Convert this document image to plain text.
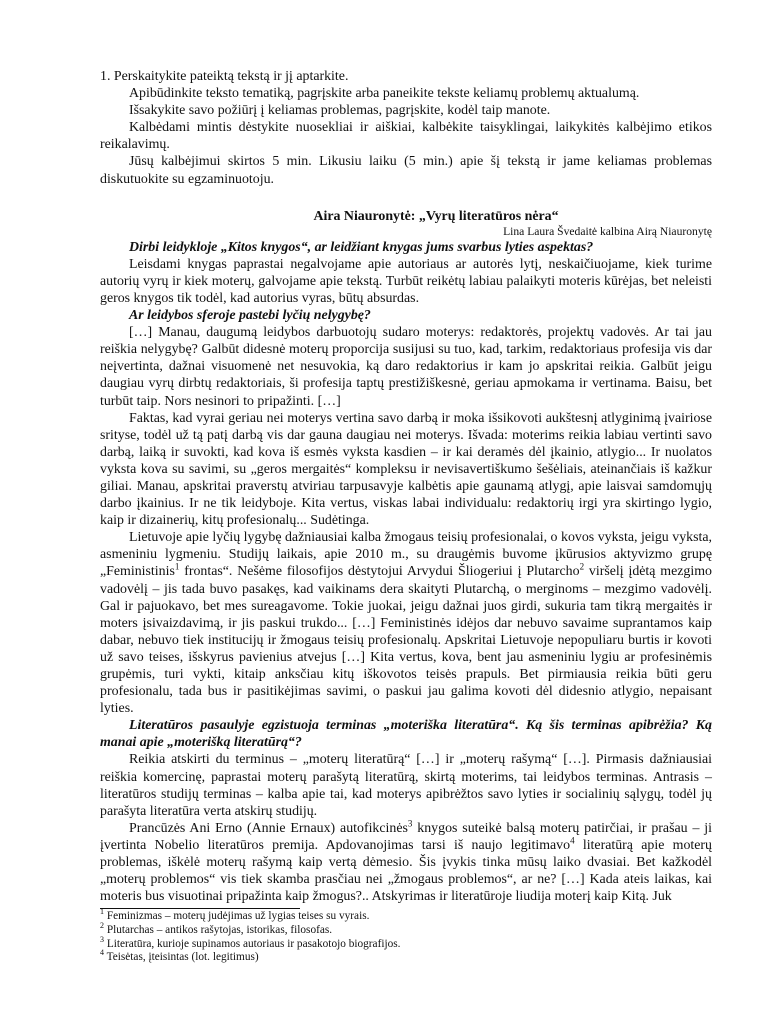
1. Perskaitykite pateiktą tekstą ir jį aptarkite.

Apibūdinkite teksto tematiką, pagrįskite arba paneikite tekste keliamų problemų aktualumą.

Išsakykite savo požiūrį į keliamas problemas, pagrįskite, kodėl taip manote.

Kalbėdami mintis dėstykite nuosekliai ir aiškiai, kalbėkite taisyklingai, laikykitės kalbėjimo etikos reikalavimų.

Jūsų kalbėjimui skirtos 5 min. Likusiu laiku (5 min.) apie šį tekstą ir jame keliamas problemas diskutuokite su egzaminuotoju.

Aira Niauronytė: „Vyrų literatūros nėra“
Lina Laura Švedaitė kalbina Airą Niauronytę

Dirbi leidykloje „Kitos knygos“, ar leidžiant knygas jums svarbus lyties aspektas?

Leisdami knygas paprastai negalvojame apie autoriaus ar autorės lytį, neskaičiuojame, kiek turime autorių vyrų ir kiek moterų, galvojame apie tekstą. Turbūt reikėtų labiau palaikyti moteris kūrėjas, bet neleisti geros knygos tik todėl, kad autorius vyras, būtų absurdas.

Ar leidybos sferoje pastebi lyčių nelygybę?

[…] Manau, daugumą leidybos darbuotojų sudaro moterys: redaktorės, projektų vadovės. Ar tai jau reiškia nelygybę? Galbūt didesnė moterų proporcija susijusi su tuo, kad, tarkim, redaktoriaus profesija vis dar neįvertinta, dažnai visuomenė net nesuvokia, ką daro redaktorius ir kam jo apskritai reikia. Galbūt jeigu daugiau vyrų dirbtų redaktoriais, ši profesija taptų prestižiškesnė, geriau apmokama ir vertinama. Baisu, bet turbūt taip. Nors nesinori to pripažinti. […]

Faktas, kad vyrai geriau nei moterys vertina savo darbą ir moka išsikovoti aukštesnį atlyginimą įvairiose srityse, todėl už tą patį darbą vis dar gauna daugiau nei moterys. Išvada: moterims reikia labiau vertinti savo darbą, laiką ir suvokti, kad kova iš esmės vyksta kasdien – ir kai deramės dėl įkainio, atlygio... Ir nuolatos vyksta kova su savimi, su „geros mergaitės“ kompleksu ir nevisavertiškumo šešėliais, ateinančiais iš kažkur giliai. Manau, apskritai praverstų atviriau tarpusavyje kalbėtis apie gaunamą atlygį, apie laisvai samdomųjų darbo įkainius. Ir ne tik leidyboje. Kita vertus, viskas labai individualu: redaktorių irgi yra skirtingo lygio, kaip ir dizainerių, kitų profesionalų... Sudėtinga.

Lietuvoje apie lyčių lygybę dažniausiai kalba žmogaus teisių profesionalai, o kovos vyksta, jeigu vyksta, asmeniniu lygmeniu. Studijų laikais, apie 2010 m., su draugėmis buvome įkūrusios aktyvizmo grupę „Feministinis$^1$ frontas“. Nešėme filosofijos dėstytojui Arvydui Šliogeriui į Plutarcho$^2$ viršelį įdėtą mezgimo vadovėlį – jis tada buvo pasakęs, kad vaikinams dera skaityti Plutarchą, o merginoms – mezgimo vadovėlį. Gal ir pajuokavo, bet mes sureagavome. Tokie juokai, jeigu dažnai juos girdi, sukuria tam tikrą mergaitės ir moters įsivaizdavimą, ir jis paskui trukdo... […] Feministinės idėjos dar nebuvo savaime suprantamos kaip dabar, nebuvo tiek institucijų ir žmogaus teisių profesionalų. Apskritai Lietuvoje nepopuliaru burtis ir kovoti už savo teises, išskyrus pavienius atvejus […] Kita vertus, kova, bent jau asmeniniu lygiu ar profesinėmis grupėmis, turi vykti, kitaip anksčiau kitų iškovotos teisės prapuls. Bet pirmiausia reikia būti geru profesionalu, tada bus ir pasitikėjimas savimi, o paskui jau galima kovoti dėl didesnio atlygio, nepaisant lyties.

Literatūros pasaulyje egzistuoja terminas „moteriška literatūra“. Ką šis terminas apibrėžia? Ką manai apie „moterišką literatūrą“?

Reikia atskirti du terminus – „moterų literatūrą“ […] ir „moterų rašymą“ […]. Pirmasis dažniausiai reiškia komercinę, paprastai moterų parašytą literatūrą, skirtą moterims, tai leidybos terminas. Antrasis – literatūros studijų terminas – kalba apie tai, kad moterys apibrėžtos savo lyties ir socialinių sąlygų, todėl jų parašyta literatūra verta atskirų studijų.

Prancūzės Ani Erno (Annie Ernaux) autofikcinės$^3$ knygos suteikė balsą moterų patirčiai, ir prašau – ji įvertinta Nobelio literatūros premija. Apdovanojimas tarsi iš naujo legitimavo$^4$ literatūrą apie moterų problemas, iškėlė moterų rašymą kaip vertą dėmesio. Šis įvykis tinka mūsų laiko dvasiai. Bet kažkodėl „moterų problemos“ vis tiek skamba prasčiau nei „žmogaus problemos“, ar ne? […] Kada ateis laikas, kai moteris bus visuotinai pripažinta kaip žmogus?.. Atskyrimas ir literatūroje liudija moterį kaip Kitą. Juk

$^1$ Feminizmas – moterų judėjimas už lygias teises su vyrais.
$^2$ Plutarchas – antikos rašytojas, istorikas, filosofas.
$^3$ Literatūra, kurioje supinamos autoriaus ir pasakotojo biografijos.
$^4$ Teisėtas, įteisintas (lot. legitimus)
